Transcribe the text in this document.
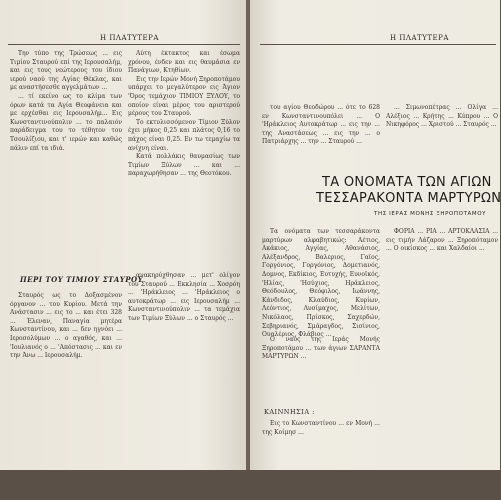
Η ΠΛΑΤΥΤΕΡΑ

Την τύπο της Τρώσεως ... εις Τιμίου Σταυρού επί της Ιερουσαλήμ, και εις τους νεώτερους του ίδιου ιερού ναού της Αγίας Θέκλας, και με αναστήσεσθε αγγελμάτων ...

... τί εκείνο ως το κλίμα των όρων κατά τα Αγία Θεοφάνεια και με ερχέσθαι εις Ιερουσαλήμ... Εις Κωνσταντινούπολιν ... το παλαιόν παράδειγμα του το τέθητον του Τσουλίζιου, και τ' ιερών και καθώς πάλιν επί τα ιδιά.

Αύτη έκτακτος και έσωμα χρόνου, ένδεν και εις θαυμάσια εν Πανάγιων, Κτηθίων.

Εις την Ιερών Μονή Ξηροποτάμου υπάρχει το μεγαλύτερον εις Άγιον 'Όρος τεμάχιον ΤΙΜΙΟΥ ΞΥΛΟΥ, το οποίον είναι μέρος του αριστερού μέρους του Σταυρού.

Το εκτυλισσόμενον Τίμιον Ξύλον έχει μήκος 0,25 και πλάτος 0,16 το πάχος είναι 0,25. Εν τω τεμαχίω τα ανίχνη είναι.

Κατά πολλάκις θαυμασίως των Τιμίων Ξύλων ... και ... παραχωρήθησαν ... της Θεοτόκου.

ΠΕΡΙ ΤΟΥ ΤΙΜΙΟΥ ΣΤΑΥΡΟΥ

Σταυρός ως το Δοξασμένον όργανον ... του Κυρίου. Μετά την Ανάστασιν ... εις το ... και έτει 328 ... Έλεναν, Παναγία μητέρα Κωνσταντίνου, και ... δεν ηγνόει ... Ιεροσολύμων ... ο αγαθός, και ... 'Ιουλιανός ο ... 'Απόστασις ... και εν την Άνω ... Ιερουσαλήμ.

ανακηρύχθησαν ... μετ' ολίγον του Σταυρού ... Εκκλησία ... Χοσρόη ... 'Ηράκλειος ... 'Ηράκλειος ο αυτοκράτωρ ... εις Ιερουσαλήμ ... Κωνσταντινούπολιν ... τα τεμάχια των Τιμίων Ξύλων ... ο Σταυρός ...

Η ΠΛΑΤΥΤΕΡΑ

του αγίου Θεοδώρου ... ότε το 628 εν Κωνσταντινουπόλει ... Ο 'Ηράκλειος Αυτοκράτωρ ... εις την ... της Αναστάσεως ... εις την ... ο Πατριάρχης ... την ... Σταυρού ...

... Σιμωνοπέτρας ... Ολίγα ... Αλέξιος ... Κρήτης ... Κύπρου ... Ο Νικηφόρος ... Χριστού ... Σταυρός ...

ΤΑ ΟΝΟΜΑΤΑ ΤΩΝ ΑΓΙΩΝ
ΤΕΣΣΑΡΑΚΟΝΤΑ ΜΑΡΤΥΡΩΝ
ΤΗΣ ΙΕΡΑΣ ΜΟΝΗΣ ΞΗΡΟΠΟΤΑΜΟΥ

Τα ονόματα των τεσσαράκοντα μαρτύρων αλφαβητικώς: Αέτιος, Ακάκιος, Αγγίας, Αθανάσιος, Αλέξανδρος, Βαλεριος, Γαϊος, Γοργόνιος, Γοργόνιος, Δομετιανός, Δομνος, Εκδίκιος, Ευτυχής, Ευνοϊκός, 'Ηλίας, 'Ησύχιος, Ηράκλειος, Θεόδουλος, Θεόφιλος, Ιωάννης, Κάνδιδος, Κλαύδιος, Κυρίων, Λεόντιος, Λυσίμαχος, Μελίτων, Νικόλαος, Πρίσκος, Σαχερδών, Σεβηριανός, Σμάραγδος, Σισίνιος, Ουαλέριος, Φλάβιος ...

ΦΟΡΙΑ ... ΡΙΑ ... ΑΡΤΟΚΛΑΣΙΑ ... εις τιμήν Λάζαρον ... Ξηροπόταμον ... Ο οικίσκος ... και Χαλδαίοι ...

Ο ναός της Ιεράς Μονής Ξηροποτάμου ... των άγιων ΣΑΡΑΝΤΑ ΜΑΡΤΥΡΩΝ ...

ΚΑΙΝΝΗΣΙΑ :

Εις το Κωνσταντίνου ... εν Μονή ... της Κοίμησ ...
